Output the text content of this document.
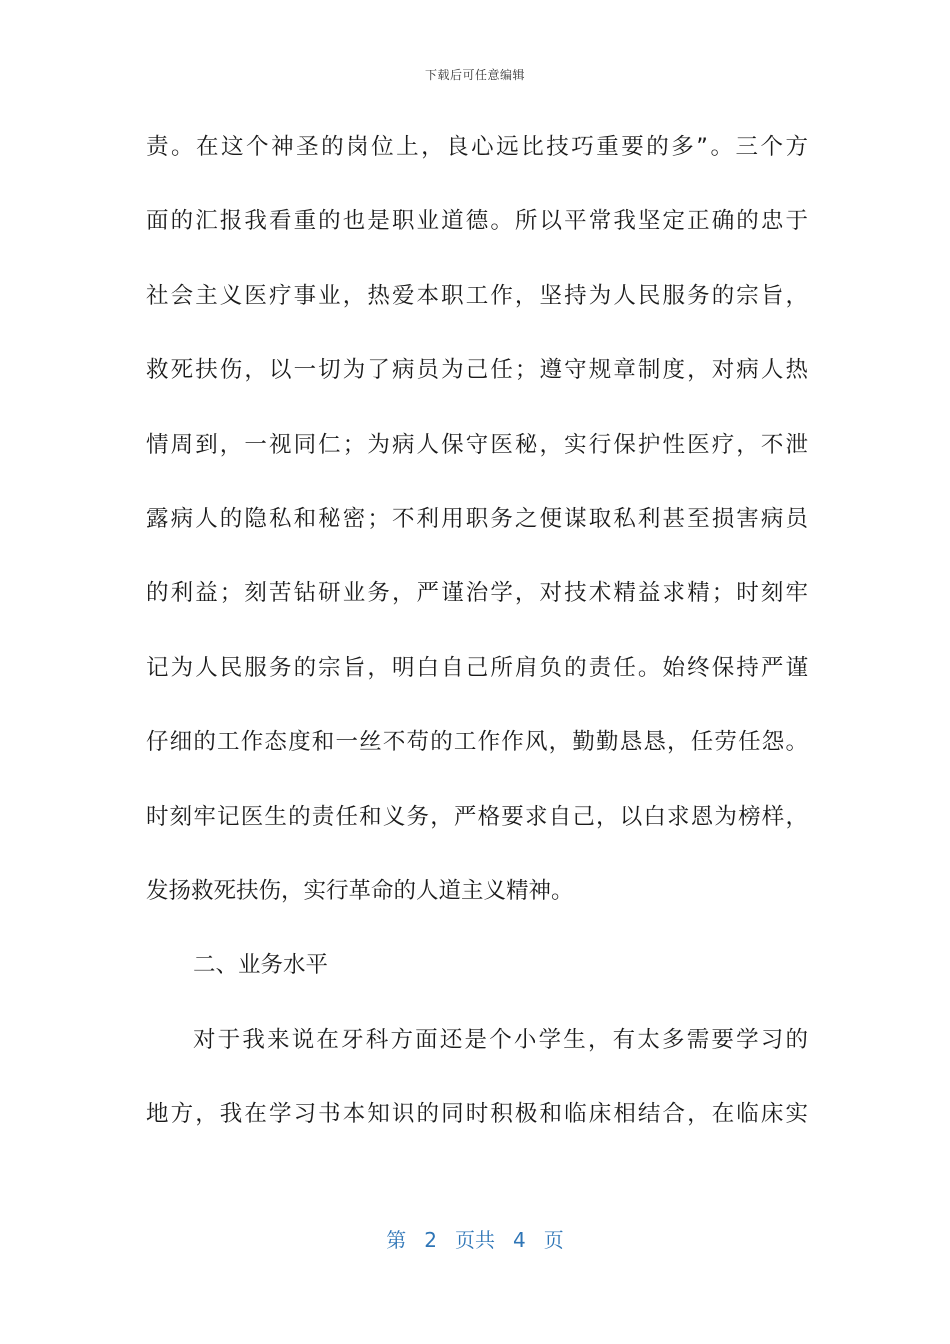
下载后可任意编辑
责。在这个神圣的岗位上，良心远比技巧重要的多”。三个方
面的汇报我看重的也是职业道德。所以平常我坚定正确的忠于
社会主义医疗事业，热爱本职工作，坚持为人民服务的宗旨，
救死扶伤，以一切为了病员为己任；遵守规章制度，对病人热
情周到，一视同仁；为病人保守医秘，实行保护性医疗，不泄
露病人的隐私和秘密；不利用职务之便谋取私利甚至损害病员
的利益；刻苦钻研业务，严谨治学，对技术精益求精；时刻牢
记为人民服务的宗旨，明白自己所肩负的责任。始终保持严谨
仔细的工作态度和一丝不苟的工作作风，勤勤恳恳，任劳任怨。
时刻牢记医生的责任和义务，严格要求自己，以白求恩为榜样，
发扬救死扶伤，实行革命的人道主义精神。
二、业务水平
对于我来说在牙科方面还是个小学生，有太多需要学习的
地方，我在学习书本知识的同时积极和临床相结合，在临床实
第 2 页共 4 页
